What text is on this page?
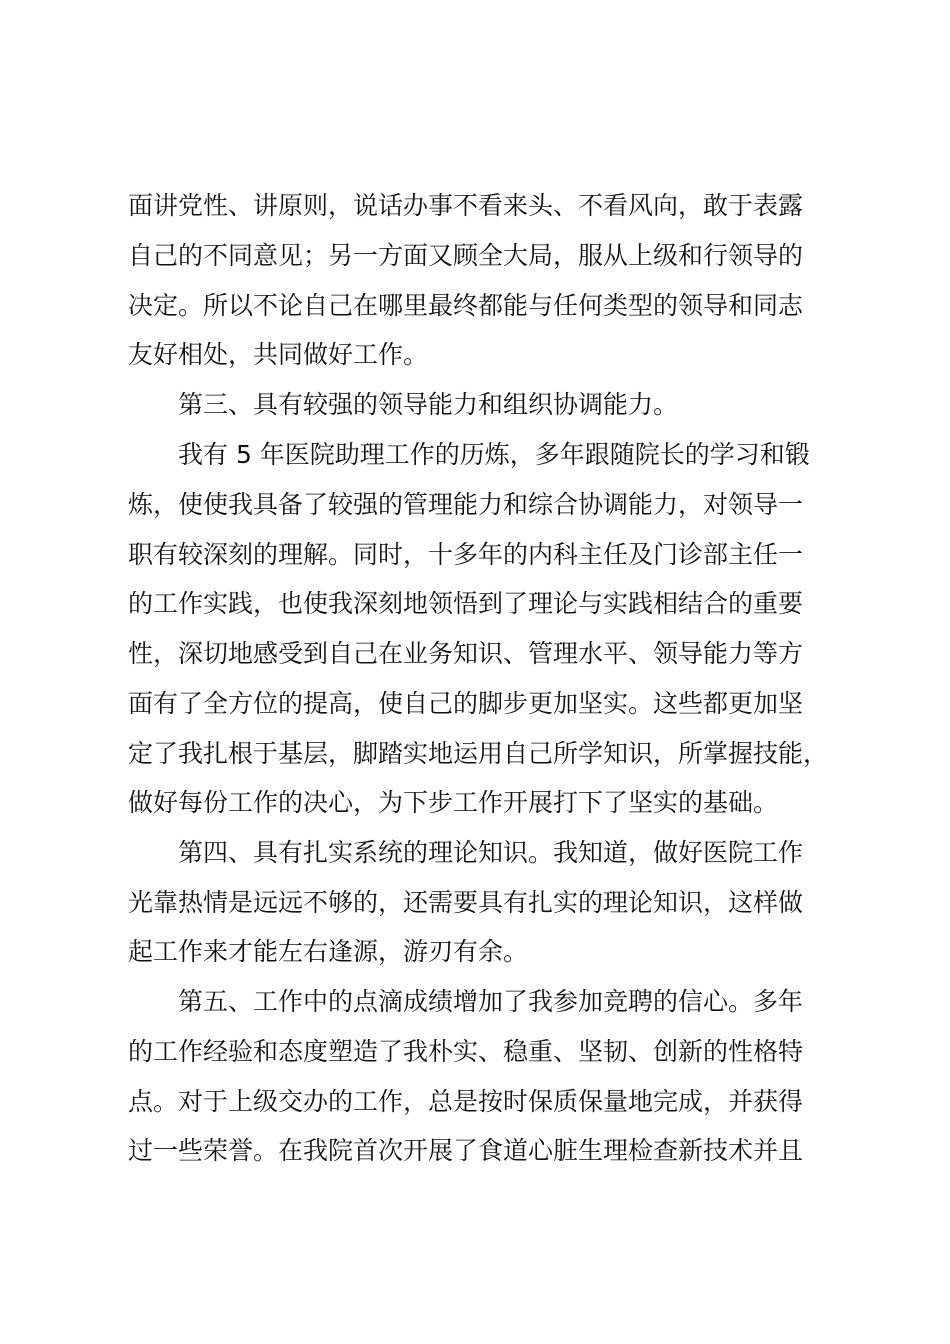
面讲党性、讲原则，说话办事不看来头、不看风向，敢于表露
自己的不同意见；另一方面又顾全大局，服从上级和行领导的
决定。所以不论自己在哪里最终都能与任何类型的领导和同志
友好相处，共同做好工作。
第三、具有较强的领导能力和组织协调能力。
我有 5 年医院助理工作的历炼，多年跟随院长的学习和锻
炼，使使我具备了较强的管理能力和综合协调能力，对领导一
职有较深刻的理解。同时，十多年的内科主任及门诊部主任一
的工作实践，也使我深刻地领悟到了理论与实践相结合的重要
性，深切地感受到自己在业务知识、管理水平、领导能力等方
面有了全方位的提高，使自己的脚步更加坚实。这些都更加坚
定了我扎根于基层，脚踏实地运用自己所学知识，所掌握技能，
做好每份工作的决心，为下步工作开展打下了坚实的基础。
第四、具有扎实系统的理论知识。我知道，做好医院工作
光靠热情是远远不够的，还需要具有扎实的理论知识，这样做
起工作来才能左右逢源，游刃有余。
第五、工作中的点滴成绩增加了我参加竞聘的信心。多年
的工作经验和态度塑造了我朴实、稳重、坚韧、创新的性格特
点。对于上级交办的工作，总是按时保质保量地完成，并获得
过一些荣誉。在我院首次开展了食道心脏生理检查新技术并且
